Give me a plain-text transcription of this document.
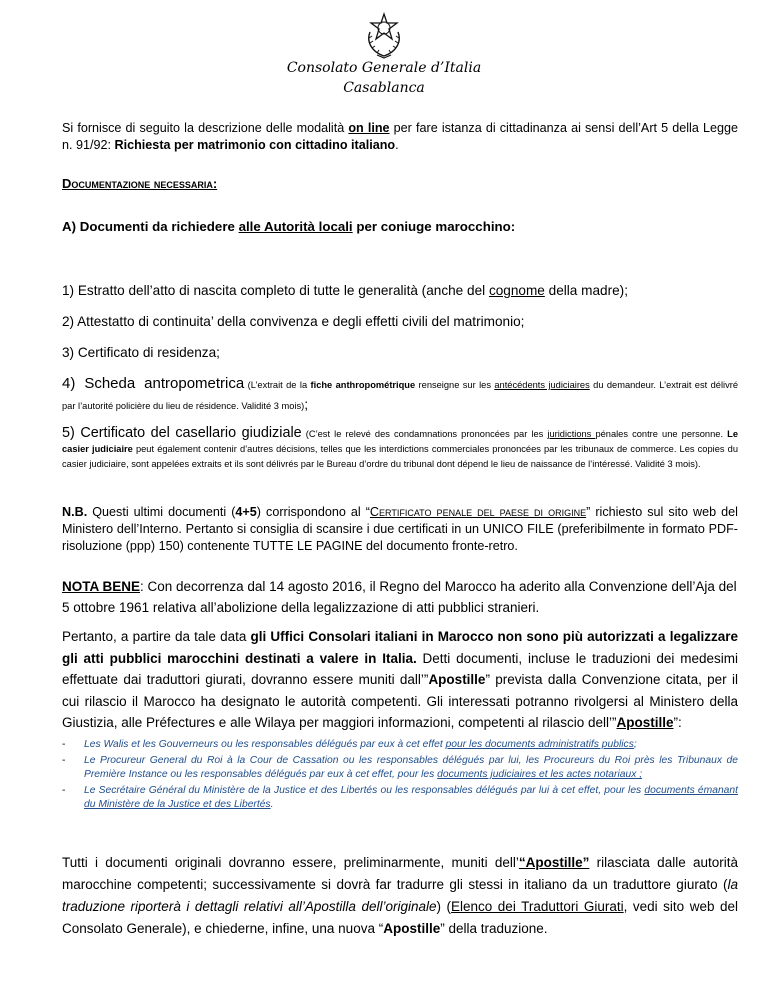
Consolato Generale d’Italia
Casablanca

Si fornisce di seguito la descrizione delle modalità on line per fare istanza di cittadinanza ai sensi dell’Art 5 della Legge n. 91/92: Richiesta per matrimonio con cittadino italiano.

Documentazione necessaria:

A) Documenti da richiedere alle Autorità locali per coniuge marocchino:

1) Estratto dell’atto di nascita completo di tutte le generalità (anche del cognome della madre);

2) Attestatto di continuita’ della convivenza e degli effetti civili del matrimonio;

3) Certificato di residenza;

4) Scheda antropometrica (L’extrait de la fiche anthropométrique renseigne sur les antécédents judiciaires du demandeur. L’extrait est délivré par l’autorité policière du lieu de résidence. Validité 3 mois);

5) Certificato del casellario giudiziale (C’est le relevé des condamnations prononcées par les juridictions pénales contre une personne. Le casier judiciaire peut également contenir d’autres décisions, telles que les interdictions commerciales prononcées par les tribunaux de commerce. Les copies du casier judiciaire, sont appelées extraits et ils sont délivrés par le Bureau d’ordre du tribunal dont dépend le lieu de naissance de l’intéressé. Validité 3 mois).

N.B. Questi ultimi documenti (4+5) corrispondono al “Certificato penale del paese di origine” richiesto sul sito web del Ministero dell’Interno. Pertanto si consiglia di scansire i due certificati in un UNICO FILE (preferibilmente in formato PDF- risoluzione (ppp) 150) contenente TUTTE LE PAGINE del documento fronte-retro.

NOTA BENE: Con decorrenza dal 14 agosto 2016, il Regno del Marocco ha aderito alla Convenzione dell’Aja del 5 ottobre 1961 relativa all’abolizione della legalizzazione di atti pubblici stranieri.

Pertanto, a partire da tale data gli Uffici Consolari italiani in Marocco non sono più autorizzati a legalizzare gli atti pubblici marocchini destinati a valere in Italia. Detti documenti, incluse le traduzioni dei medesimi effettuate dai traduttori giurati, dovranno essere muniti dall’”Apostille” prevista dalla Convenzione citata, per il cui rilascio il Marocco ha designato le autorità competenti. Gli interessati potranno rivolgersi al Ministero della Giustizia, alle Préfectures e alle Wilaya per maggiori informazioni, competenti al rilascio dell’”Apostille”:

-	Les Walis et les Gouverneurs ou les responsables délégués par eux à cet effet pour les documents administratifs publics;
-	Le Procureur General du Roi à la Cour de Cassation ou les responsables délégués par lui, les Procureurs du Roi près les Tribunaux de Première Instance ou les responsables délégués par eux à cet effet, pour les documents judiciaires et les actes notariaux ;
-	Le Secrétaire Général du Ministère de la Justice et des Libertés ou les responsables délégués par lui à cet effet, pour les documents émanant du Ministère de la Justice et des Libertés.

Tutti i documenti originali dovranno essere, preliminarmente, muniti dell’“Apostille” rilasciata dalle autorità marocchine competenti; successivamente si dovrà far tradurre gli stessi in italiano da un traduttore giurato (la traduzione riporterà i dettagli relativi all’Apostilla dell’originale) (Elenco dei Traduttori Giurati, vedi sito web del Consolato Generale), e chiederne, infine, una nuova “Apostille” della traduzione.
